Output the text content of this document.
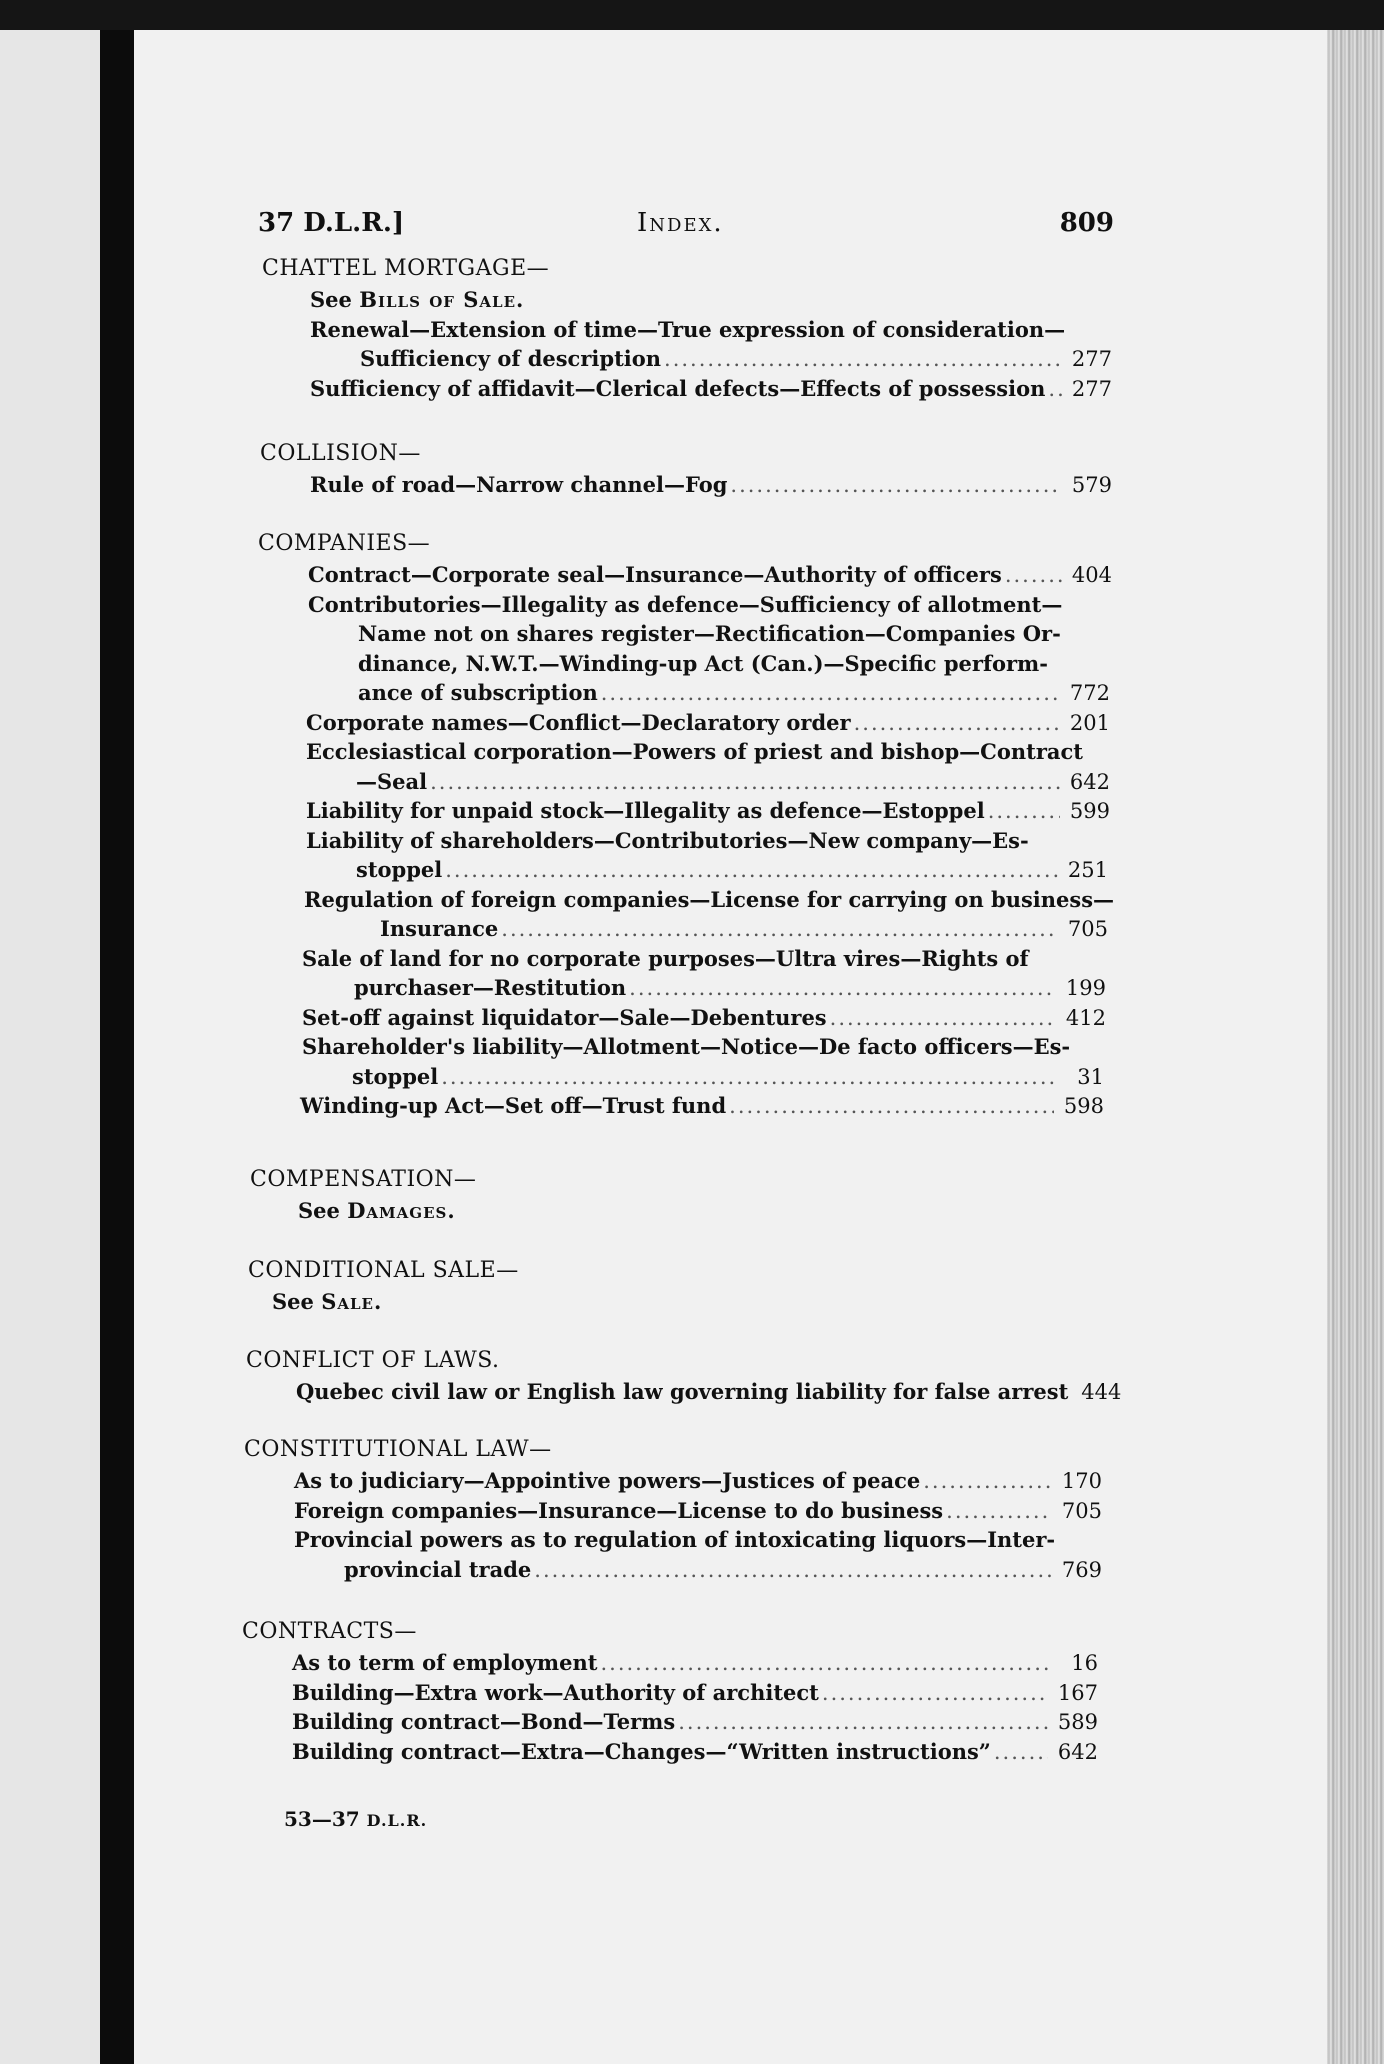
37 D.L.R.]	Index.	809
CHATTEL MORTGAGE—
See Bills of Sale.
Renewal—Extension of time—True expression of consideration—
Sufficiency of description .....	277
Sufficiency of affidavit—Clerical defects—Effects of possession .....	277
COLLISION—
Rule of road—Narrow channel—Fog .....	579
COMPANIES—
Contract—Corporate seal—Insurance—Authority of officers .....	404
Contributories—Illegality as defence—Sufficiency of allotment—
Name not on shares register—Rectification—Companies Or-
dinance, N.W.T.—Winding-up Act (Can.)—Specific perform-
ance of subscription .....	772
Corporate names—Conflict—Declaratory order .....	201
Ecclesiastical corporation—Powers of priest and bishop—Contract
—Seal .....	642
Liability for unpaid stock—Illegality as defence—Estoppel .....	599
Liability of shareholders—Contributories—New company—Es-
stoppel .....	251
Regulation of foreign companies—License for carrying on business—
Insurance .....	705
Sale of land for no corporate purposes—Ultra vires—Rights of
purchaser—Restitution .....	199
Set-off against liquidator—Sale—Debentures .....	412
Shareholder's liability—Allotment—Notice—De facto officers—Es-
stoppel .....	31
Winding-up Act—Set off—Trust fund .....	598
COMPENSATION—
See Damages.
CONDITIONAL SALE—
See Sale.
CONFLICT OF LAWS.
Quebec civil law or English law governing liability for false arrest ..... 444
CONSTITUTIONAL LAW—
As to judiciary—Appointive powers—Justices of peace .....	170
Foreign companies—Insurance—License to do business .....	705
Provincial powers as to regulation of intoxicating liquors—Inter-
provincial trade .....	769
CONTRACTS—
As to term of employment .....	16
Building—Extra work—Authority of architect .....	167
Building contract—Bond—Terms .....	589
Building contract—Extra—Changes—“Written instructions” .....	642
53—37 D.L.R.
